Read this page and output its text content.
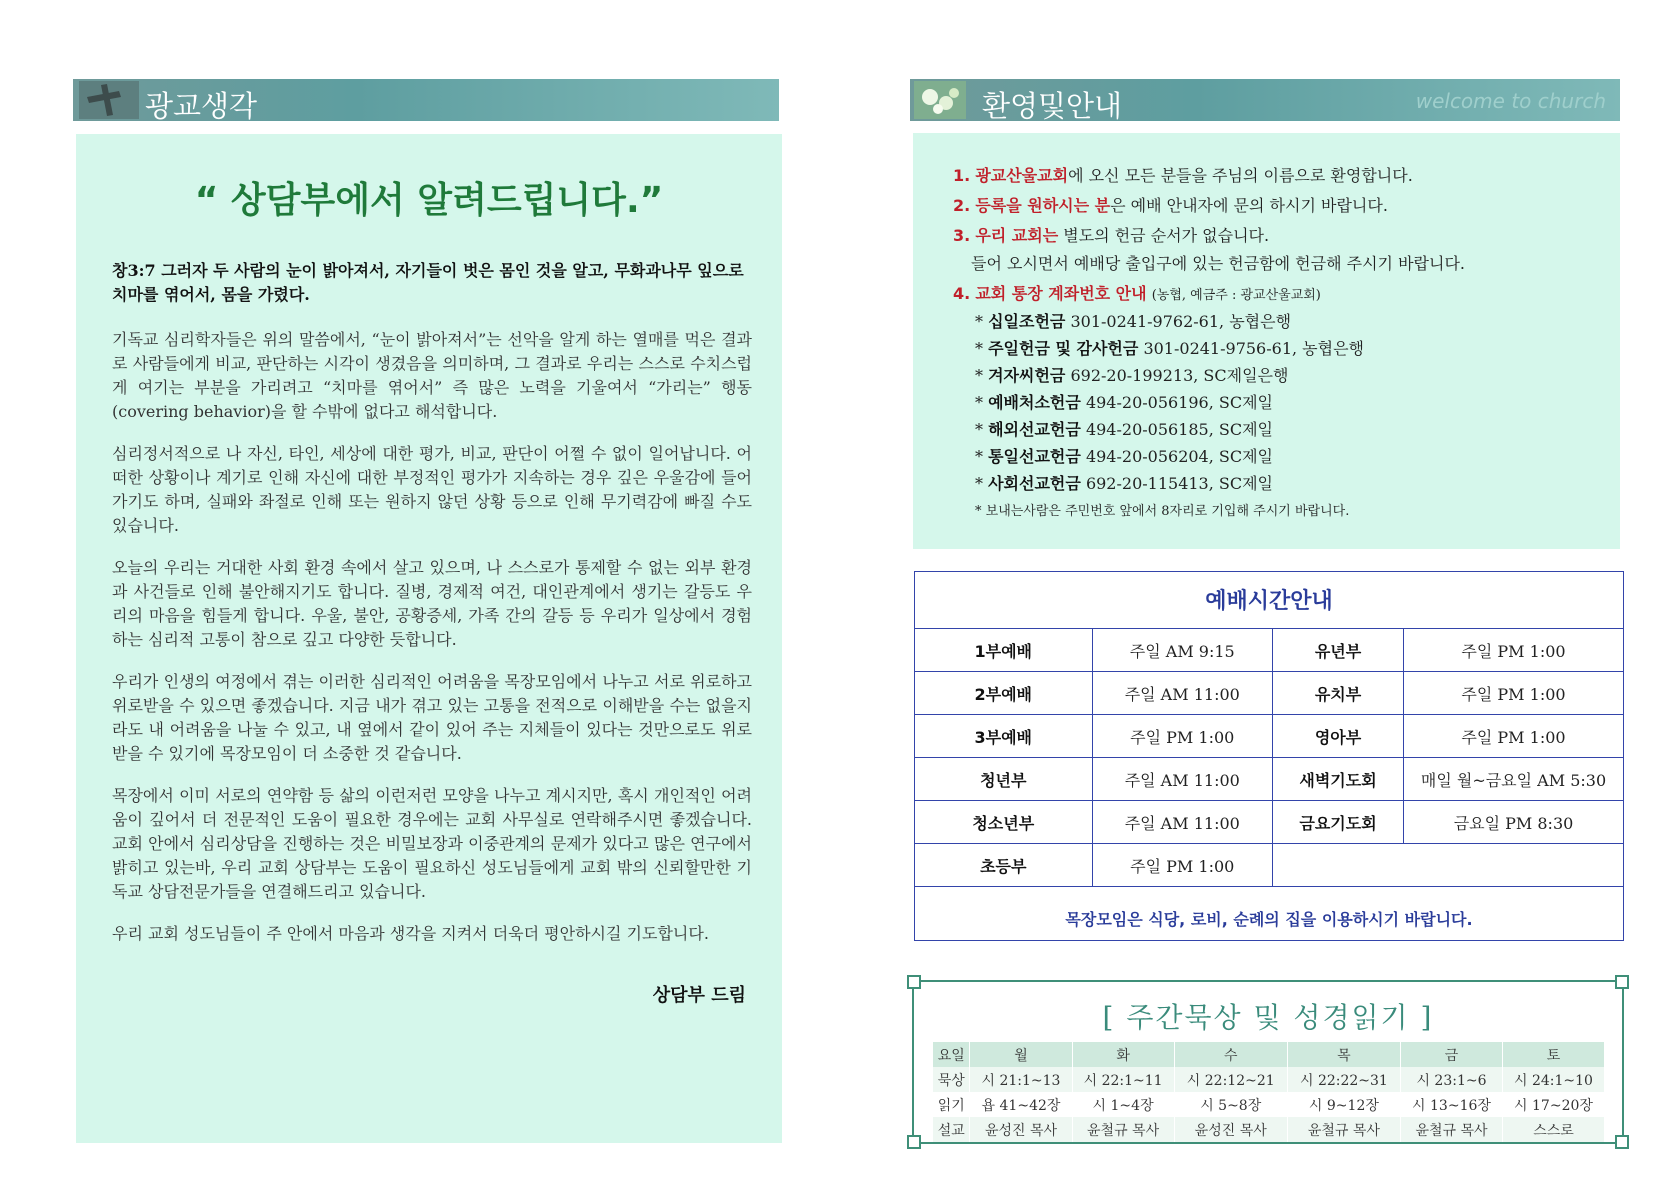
광교생각
“ 상담부에서 알려드립니다.”
창3:7 그러자 두 사람의 눈이 밝아져서, 자기들이 벗은 몸인 것을 알고, 무화과나무 잎으로 치마를 엮어서, 몸을 가렸다.
기독교 심리학자들은 위의 말씀에서, “눈이 밝아져서”는 선악을 알게 하는 열매를 먹은 결과로 사람들에게 비교, 판단하는 시각이 생겼음을 의미하며, 그 결과로 우리는 스스로 수치스럽게 여기는 부분을 가리려고 “치마를 엮어서” 즉 많은 노력을 기울여서 “가리는” 행동(covering behavior)을 할 수밖에 없다고 해석합니다.
심리정서적으로 나 자신, 타인, 세상에 대한 평가, 비교, 판단이 어쩔 수 없이 일어납니다. 어떠한 상황이나 계기로 인해 자신에 대한 부정적인 평가가 지속하는 경우 깊은 우울감에 들어가기도 하며, 실패와 좌절로 인해 또는 원하지 않던 상황 등으로 인해 무기력감에 빠질 수도 있습니다.
오늘의 우리는 거대한 사회 환경 속에서 살고 있으며, 나 스스로가 통제할 수 없는 외부 환경과 사건들로 인해 불안해지기도 합니다. 질병, 경제적 여건, 대인관계에서 생기는 갈등도 우리의 마음을 힘들게 합니다. 우울, 불안, 공황증세, 가족 간의 갈등 등 우리가 일상에서 경험하는 심리적 고통이 참으로 깊고 다양한 듯합니다.
우리가 인생의 여정에서 겪는 이러한 심리적인 어려움을 목장모임에서 나누고 서로 위로하고 위로받을 수 있으면 좋겠습니다. 지금 내가 겪고 있는 고통을 전적으로 이해받을 수는 없을지라도 내 어려움을 나눌 수 있고, 내 옆에서 같이 있어 주는 지체들이 있다는 것만으로도 위로받을 수 있기에 목장모임이 더 소중한 것 같습니다.
목장에서 이미 서로의 연약함 등 삶의 이런저런 모양을 나누고 계시지만, 혹시 개인적인 어려움이 깊어서 더 전문적인 도움이 필요한 경우에는 교회 사무실로 연락해주시면 좋겠습니다. 교회 안에서 심리상담을 진행하는 것은 비밀보장과 이중관계의 문제가 있다고 많은 연구에서 밝히고 있는바, 우리 교회 상담부는 도움이 필요하신 성도님들에게 교회 밖의 신뢰할만한 기독교 상담전문가들을 연결해드리고 있습니다.
우리 교회 성도님들이 주 안에서 마음과 생각을 지켜서 더욱더 평안하시길 기도합니다.
상담부 드림
환영및안내	welcome to church
1. 광교산울교회에 오신 모든 분들을 주님의 이름으로 환영합니다.
2. 등록을 원하시는 분은 예배 안내자에 문의 하시기 바랍니다.
3. 우리 교회는 별도의 헌금 순서가 없습니다.
들어 오시면서 예배당 출입구에 있는 헌금함에 헌금해 주시기 바랍니다.
4. 교회 통장 계좌번호 안내 (농협, 예금주 : 광교산울교회)
* 십일조헌금 301-0241-9762-61, 농협은행
* 주일헌금 및 감사헌금 301-0241-9756-61, 농협은행
* 겨자씨헌금 692-20-199213, SC제일은행
* 예배처소헌금 494-20-056196, SC제일
* 해외선교헌금 494-20-056185, SC제일
* 통일선교헌금 494-20-056204, SC제일
* 사회선교헌금 692-20-115413, SC제일
* 보내는사람은 주민번호 앞에서 8자리로 기입해 주시기 바랍니다.
예배시간안내
1부예배	주일 AM 9:15	유년부	주일 PM 1:00
2부예배	주일 AM 11:00	유치부	주일 PM 1:00
3부예배	주일 PM 1:00	영아부	주일 PM 1:00
청년부	주일 AM 11:00	새벽기도회	매일 월~금요일 AM 5:30
청소년부	주일 AM 11:00	금요기도회	금요일 PM 8:30
초등부	주일 PM 1:00		
목장모임은 식당, 로비, 순례의 집을 이용하시기 바랍니다.
[ 주간묵상 및 성경읽기 ]
요일	월	화	수	목	금	토
묵상	시 21:1~13	시 22:1~11	시 22:12~21	시 22:22~31	시 23:1~6	시 24:1~10
읽기	욥 41~42장	시 1~4장	시 5~8장	시 9~12장	시 13~16장	시 17~20장
설교	윤성진 목사	윤철규 목사	윤성진 목사	윤철규 목사	윤철규 목사	스스로
